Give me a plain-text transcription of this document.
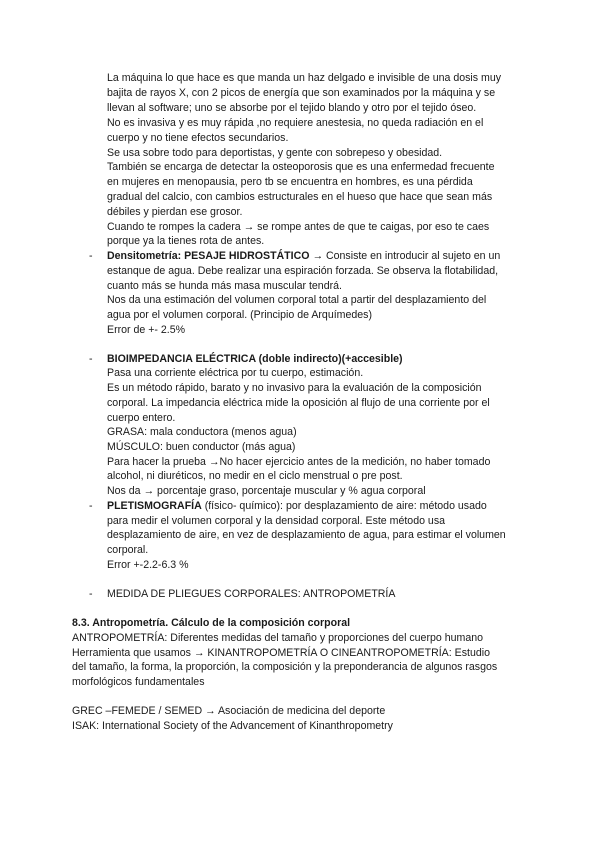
La máquina lo que hace es que manda un haz delgado e invisible de una dosis muy
bajita de rayos X, con 2 picos de energía que son examinados por la máquina y se
llevan al software; uno se absorbe por el tejido blando y otro por el tejido óseo.
No es invasiva y es muy rápida ,no requiere anestesia, no queda radiación en el
cuerpo y no tiene efectos secundarios.
Se usa sobre todo para deportistas, y gente con sobrepeso y obesidad.
También se encarga de detectar la osteoporosis que es una enfermedad frecuente
en mujeres en menopausia, pero tb se encuentra en hombres, es una pérdida
gradual del calcio, con cambios estructurales en el hueso que hace que sean más
débiles y pierdan ese grosor.
Cuando te rompes la cadera → se rompe antes de que te caigas, por eso te caes
porque ya la tienes rota de antes.
- Densitometría: PESAJE HIDROSTÁTICO → Consiste en introducir al sujeto en un
estanque de agua. Debe realizar una espiración forzada. Se observa la flotabilidad,
cuanto más se hunda más masa muscular tendrá.
Nos da una estimación del volumen corporal total a partir del desplazamiento del
agua por el volumen corporal. (Principio de Arquímedes)
Error de +- 2.5%
- BIOIMPEDANCIA ELÉCTRICA (doble indirecto)(+accesible)
Pasa una corriente eléctrica por tu cuerpo, estimación.
Es un método rápido, barato y no invasivo para la evaluación de la composición
corporal. La impedancia eléctrica mide la oposición al flujo de una corriente por el
cuerpo entero.
GRASA: mala conductora (menos agua)
MÚSCULO: buen conductor (más agua)
Para hacer la prueba →No hacer ejercicio antes de la medición, no haber tomado
alcohol, ni diuréticos, no medir en el ciclo menstrual o pre post.
Nos da → porcentaje graso, porcentaje muscular y % agua corporal
- PLETISMOGRAFÍA (físico- químico): por desplazamiento de aire: método usado
para medir el volumen corporal y la densidad corporal. Este método usa
desplazamiento de aire, en vez de desplazamiento de agua, para estimar el volumen
corporal.
Error +-2.2-6.3 %
- MEDIDA DE PLIEGUES CORPORALES: ANTROPOMETRÍA
8.3. Antropometría. Cálculo de la composición corporal
ANTROPOMETRÍA: Diferentes medidas del tamaño y proporciones del cuerpo humano
Herramienta que usamos → KINANTROPOMETRÍA O CINEANTROPOMETRÍA: Estudio
del tamaño, la forma, la proporción, la composición y la preponderancia de algunos rasgos
morfológicos fundamentales
GREC –FEMEDE / SEMED → Asociación de medicina del deporte
ISAK: International Society of the Advancement of Kinanthropometry
